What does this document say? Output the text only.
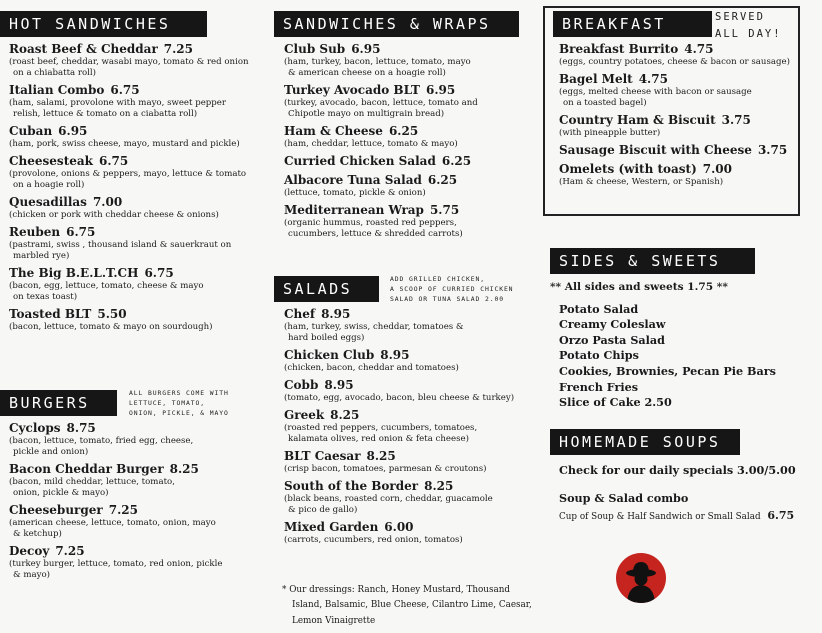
HOT SANDWICHES
Roast Beef & Cheddar 7.25
(roast beef, cheddar, wasabi mayo, tomato & red onion
on a chiabatta roll)
Italian Combo 6.75
(ham, salami, provolone with mayo, sweet pepper
relish, lettuce & tomato on a ciabatta roll)
Cuban 6.95
(ham, pork, swiss cheese, mayo, mustard and pickle)
Cheesesteak 6.75
(provolone, onions & peppers, mayo, lettuce & tomato
on a hoagie roll)
Quesadillas 7.00
(chicken or pork with cheddar cheese & onions)
Reuben 6.75
(pastrami, swiss , thousand island & sauerkraut on
marbled rye)
The Big B.E.L.T.CH 6.75
(bacon, egg, lettuce, tomato, cheese & mayo
on texas toast)
Toasted BLT 5.50
(bacon, lettuce, tomato & mayo on sourdough)
BURGERS
ALL BURGERS COME WITH
LETTUCE, TOMATO,
ONION, PICKLE, & MAYO
Cyclops 8.75
(bacon, lettuce, tomato, fried egg, cheese,
pickle and onion)
Bacon Cheddar Burger 8.25
(bacon, mild cheddar, lettuce, tomato,
onion, pickle & mayo)
Cheeseburger 7.25
(american cheese, lettuce, tomato, onion, mayo
& ketchup)
Decoy 7.25
(turkey burger, lettuce, tomato, red onion, pickle
& mayo)
SANDWICHES & WRAPS
Club Sub 6.95
(ham, turkey, bacon, lettuce, tomato, mayo
& american cheese on a hoagie roll)
Turkey Avocado BLT 6.95
(turkey, avocado, bacon, lettuce, tomato and
Chipotle mayo on multigrain bread)
Ham & Cheese 6.25
(ham, cheddar, lettuce, tomato & mayo)
Curried Chicken Salad 6.25
Albacore Tuna Salad 6.25
(lettuce, tomato, pickle & onion)
Mediterranean Wrap 5.75
(organic hummus, roasted red peppers,
cucumbers, lettuce & shredded carrots)
SALADS
ADD GRILLED CHICKEN,
A SCOOP OF CURRIED CHICKEN
SALAD OR TUNA SALAD 2.00
Chef 8.95
(ham, turkey, swiss, cheddar, tomatoes &
hard boiled eggs)
Chicken Club 8.95
(chicken, bacon, cheddar and tomatoes)
Cobb 8.95
(tomato, egg, avocado, bacon, bleu cheese & turkey)
Greek 8.25
(roasted red peppers, cucumbers, tomatoes,
kalamata olives, red onion & feta cheese)
BLT Caesar 8.25
(crisp bacon, tomatoes, parmesan & croutons)
South of the Border 8.25
(black beans, roasted corn, cheddar, guacamole
& pico de gallo)
Mixed Garden 6.00
(carrots, cucumbers, red onion, tomatos)
* Our dressings: Ranch, Honey Mustard, Thousand
Island, Balsamic, Blue Cheese, Cilantro Lime, Caesar,
Lemon Vinaigrette
BREAKFAST	SERVED
ALL DAY!
Breakfast Burrito 4.75
(eggs, country potatoes, cheese & bacon or sausage)
Bagel Melt 4.75
(eggs, melted cheese with bacon or sausage
on a toasted bagel)
Country Ham & Biscuit 3.75
(with pineapple butter)
Sausage Biscuit with Cheese 3.75
Omelets (with toast) 7.00
(Ham & cheese, Western, or Spanish)
SIDES & SWEETS
** All sides and sweets 1.75 **
Potato Salad
Creamy Coleslaw
Orzo Pasta Salad
Potato Chips
Cookies, Brownies, Pecan Pie Bars
French Fries
Slice of Cake 2.50
HOMEMADE SOUPS
Check for our daily specials 3.00/5.00
Soup & Salad combo
Cup of Soup & Half Sandwich or Small Salad 6.75
